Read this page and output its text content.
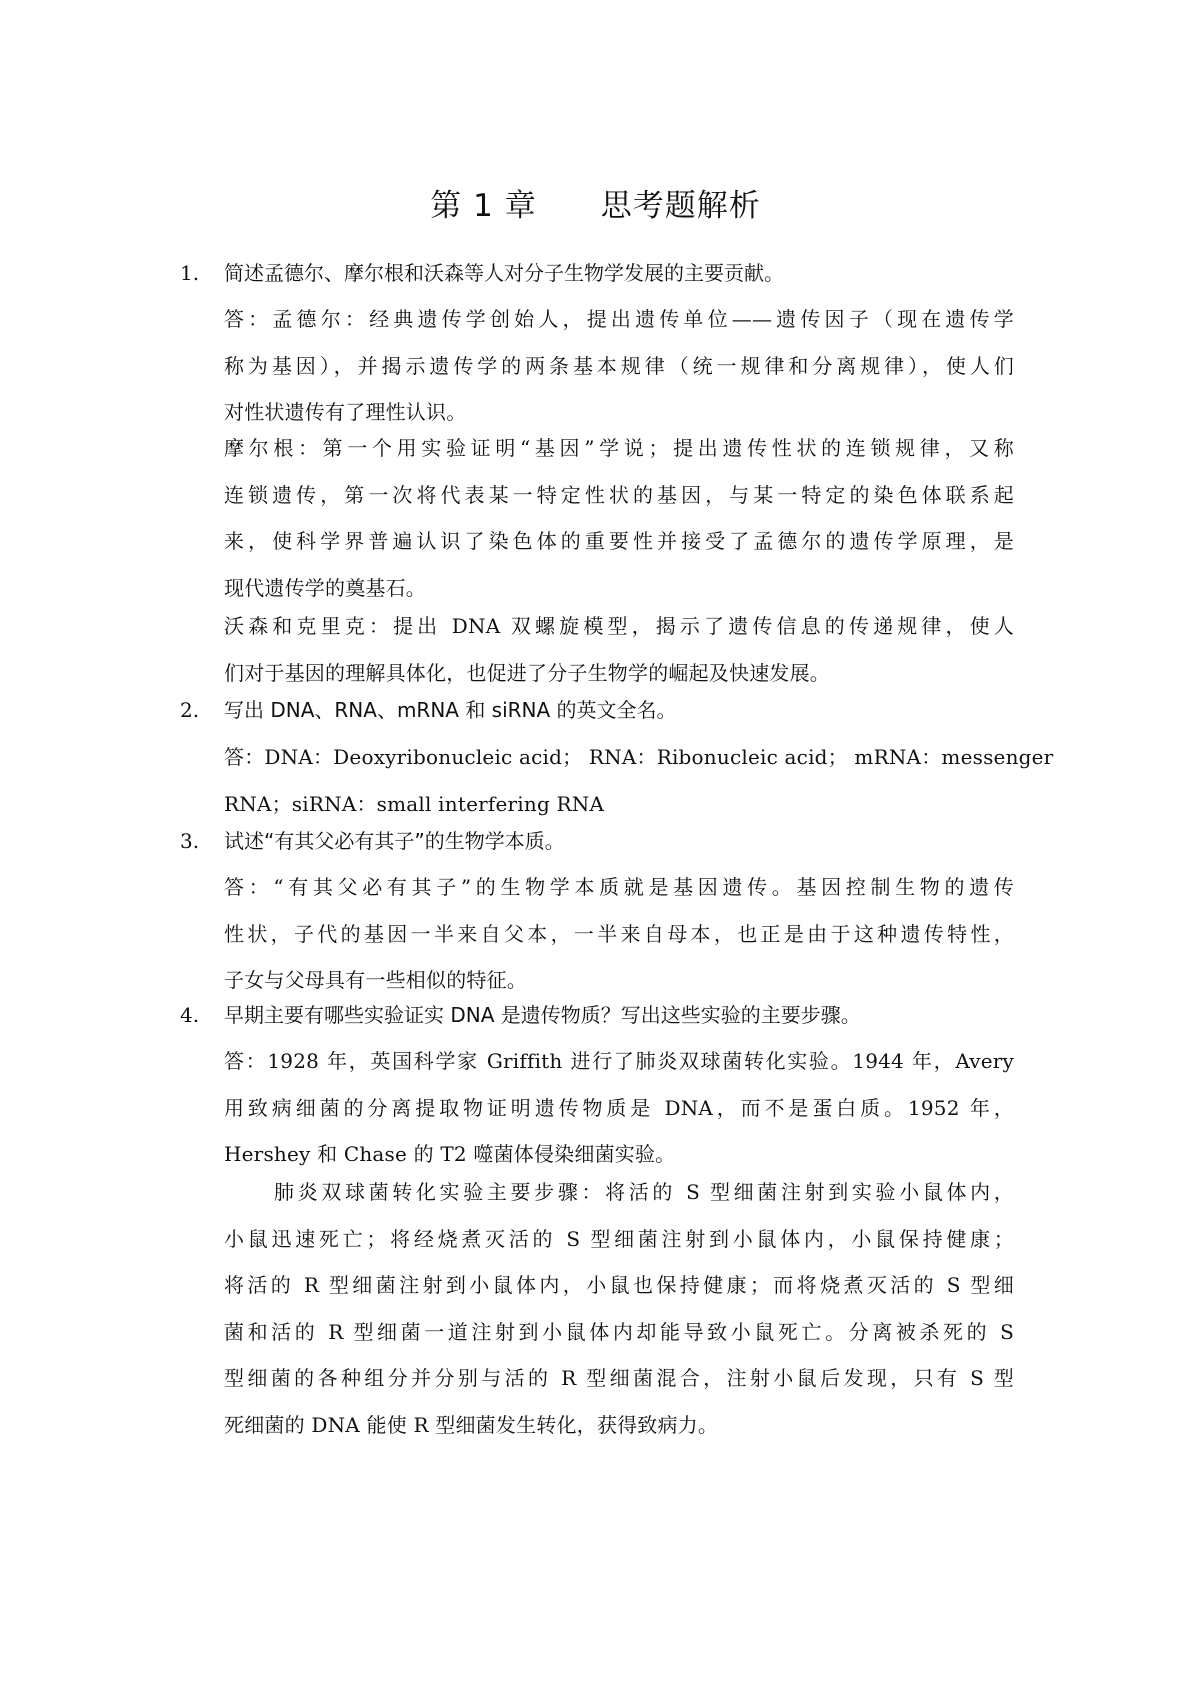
第 1 章　　思考题解析
1. 简述孟德尔、摩尔根和沃森等人对分子生物学发展的主要贡献。
答：孟德尔：经典遗传学创始人，提出遗传单位——遗传因子（现在遗传学
称为基因），并揭示遗传学的两条基本规律（统一规律和分离规律），使人们
对性状遗传有了理性认识。
摩尔根：第一个用实验证明“基因”学说；提出遗传性状的连锁规律，又称
连锁遗传，第一次将代表某一特定性状的基因，与某一特定的染色体联系起
来，使科学界普遍认识了染色体的重要性并接受了孟德尔的遗传学原理，是
现代遗传学的奠基石。
沃森和克里克：提出 DNA 双螺旋模型，揭示了遗传信息的传递规律，使人
们对于基因的理解具体化，也促进了分子生物学的崛起及快速发展。
2. 写出 DNA、RNA、mRNA 和 siRNA 的英文全名。
答：DNA：Deoxyribonucleic acid； RNA：Ribonucleic acid； mRNA：messenger
RNA；siRNA：small interfering RNA
3. 试述“有其父必有其子”的生物学本质。
答：“有其父必有其子”的生物学本质就是基因遗传。基因控制生物的遗传
性状，子代的基因一半来自父本，一半来自母本，也正是由于这种遗传特性，
子女与父母具有一些相似的特征。
4. 早期主要有哪些实验证实 DNA 是遗传物质？写出这些实验的主要步骤。
答：1928 年，英国科学家 Griffith 进行了肺炎双球菌转化实验。1944 年，Avery
用致病细菌的分离提取物证明遗传物质是 DNA，而不是蛋白质。1952 年，
Hershey 和 Chase 的 T2 噬菌体侵染细菌实验。
肺炎双球菌转化实验主要步骤：将活的 S 型细菌注射到实验小鼠体内，
小鼠迅速死亡；将经烧煮灭活的 S 型细菌注射到小鼠体内，小鼠保持健康；
将活的 R 型细菌注射到小鼠体内，小鼠也保持健康；而将烧煮灭活的 S 型细
菌和活的 R 型细菌一道注射到小鼠体内却能导致小鼠死亡。分离被杀死的 S
型细菌的各种组分并分别与活的 R 型细菌混合，注射小鼠后发现，只有 S 型
死细菌的 DNA 能使 R 型细菌发生转化，获得致病力。
